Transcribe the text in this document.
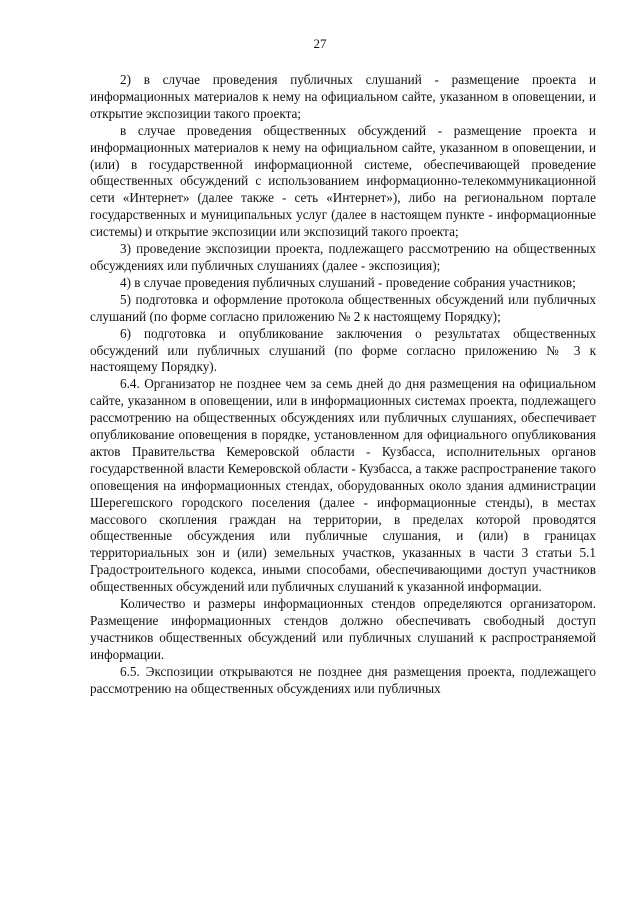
27

2) в случае проведения публичных слушаний - размещение проекта и информационных материалов к нему на официальном сайте, указанном в оповещении, и открытие экспозиции такого проекта;

в случае проведения общественных обсуждений - размещение проекта и информационных материалов к нему на официальном сайте, указанном в оповещении, и (или) в государственной информационной системе, обеспечивающей проведение общественных обсуждений с использованием информационно-телекоммуникационной сети «Интернет» (далее также - сеть «Интернет»), либо на региональном портале государственных и муниципальных услуг (далее в настоящем пункте - информационные системы) и открытие экспозиции или экспозиций такого проекта;

3) проведение экспозиции проекта, подлежащего рассмотрению на общественных обсуждениях или публичных слушаниях (далее - экспозиция);

4) в случае проведения публичных слушаний - проведение собрания участников;

5) подготовка и оформление протокола общественных обсуждений или публичных слушаний (по форме согласно приложению № 2 к настоящему Порядку);

6) подготовка и опубликование заключения о результатах общественных обсуждений или публичных слушаний (по форме согласно приложению № 3 к настоящему Порядку).

6.4. Организатор не позднее чем за семь дней до дня размещения на официальном сайте, указанном в оповещении, или в информационных системах проекта, подлежащего рассмотрению на общественных обсуждениях или публичных слушаниях, обеспечивает опубликование оповещения в порядке, установленном для официального опубликования актов Правительства Кемеровской области - Кузбасса, исполнительных органов государственной власти Кемеровской области - Кузбасса, а также распространение такого оповещения на информационных стендах, оборудованных около здания администрации Шерегешского городского поселения (далее - информационные стенды), в местах массового скопления граждан на территории, в пределах которой проводятся общественные обсуждения или публичные слушания, и (или) в границах территориальных зон и (или) земельных участков, указанных в части 3 статьи 5.1 Градостроительного кодекса, иными способами, обеспечивающими доступ участников общественных обсуждений или публичных слушаний к указанной информации.

Количество и размеры информационных стендов определяются организатором. Размещение информационных стендов должно обеспечивать свободный доступ участников общественных обсуждений или публичных слушаний к распространяемой информации.

6.5. Экспозиции открываются не позднее дня размещения проекта, подлежащего рассмотрению на общественных обсуждениях или публичных
